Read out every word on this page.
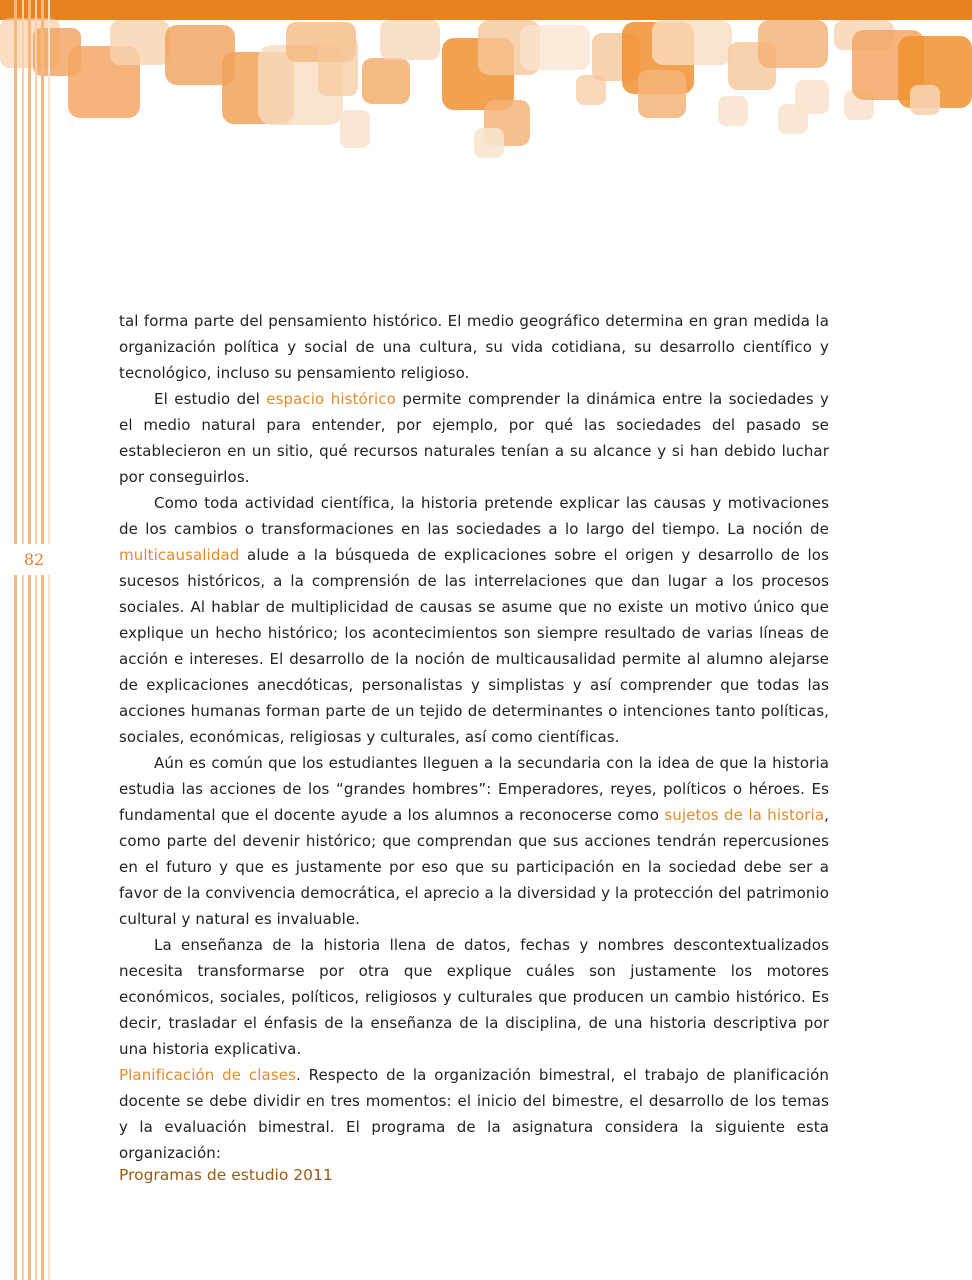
82

tal forma parte del pensamiento histórico. El medio geográfico determina en gran medida la organización política y social de una cultura, su vida cotidiana, su desarrollo científico y tecnológico, incluso su pensamiento religioso.

El estudio del espacio histórico permite comprender la dinámica entre la sociedades y el medio natural para entender, por ejemplo, por qué las sociedades del pasado se establecieron en un sitio, qué recursos naturales tenían a su alcance y si han debido luchar por conseguirlos.

Como toda actividad científica, la historia pretende explicar las causas y motivaciones de los cambios o transformaciones en las sociedades a lo largo del tiempo. La noción de multicausalidad alude a la búsqueda de explicaciones sobre el origen y desarrollo de los sucesos históricos, a la comprensión de las interrelaciones que dan lugar a los procesos sociales. Al hablar de multiplicidad de causas se asume que no existe un motivo único que explique un hecho histórico; los acontecimientos son siempre resultado de varias líneas de acción e intereses. El desarrollo de la noción de multicausalidad permite al alumno alejarse de explicaciones anecdóticas, personalistas y simplistas y así comprender que todas las acciones humanas forman parte de un tejido de determinantes o intenciones tanto políticas, sociales, económicas, religiosas y culturales, así como científicas.

Aún es común que los estudiantes lleguen a la secundaria con la idea de que la historia estudia las acciones de los “grandes hombres”: Emperadores, reyes, políticos o héroes. Es fundamental que el docente ayude a los alumnos a reconocerse como sujetos de la historia, como parte del devenir histórico; que comprendan que sus acciones tendrán repercusiones en el futuro y que es justamente por eso que su participación en la sociedad debe ser a favor de la convivencia democrática, el aprecio a la diversidad y la protección del patrimonio cultural y natural es invaluable.

La enseñanza de la historia llena de datos, fechas y nombres descontextualizados necesita transformarse por otra que explique cuáles son justamente los motores económicos, sociales, políticos, religiosos y culturales que producen un cambio histórico. Es decir, trasladar el énfasis de la enseñanza de la disciplina, de una historia descriptiva por una historia explicativa.

Planificación de clases. Respecto de la organización bimestral, el trabajo de planificación docente se debe dividir en tres momentos: el inicio del bimestre, el desarrollo de los temas y la evaluación bimestral. El programa de la asignatura considera la siguiente esta organización:

Programas de estudio 2011
